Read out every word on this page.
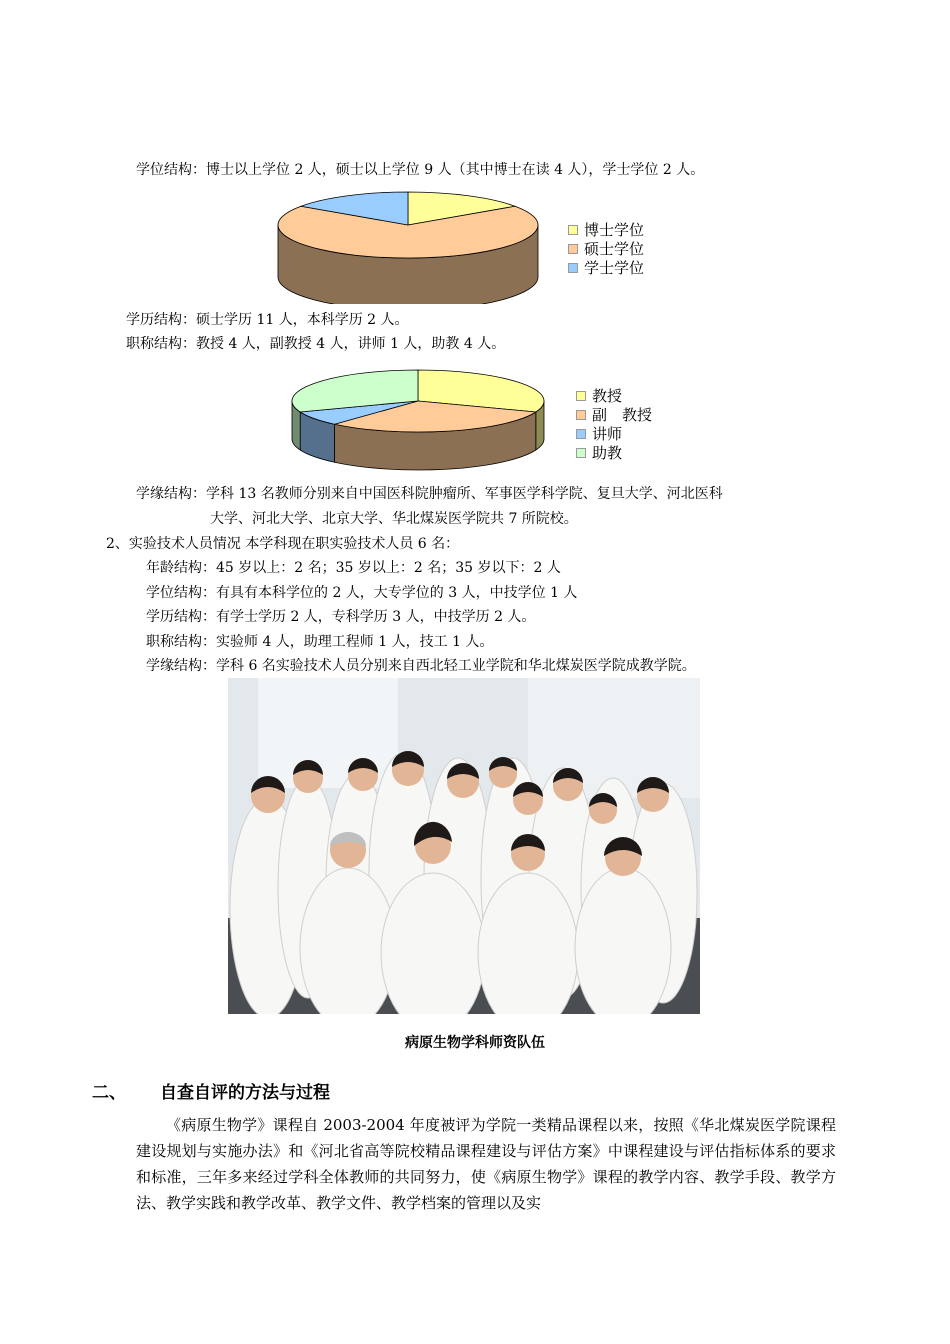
学位结构：博士以上学位 2 人，硕士以上学位 9 人（其中博士在读 4 人），学士学位 2 人。
博士学位
硕士学位
学士学位
学历结构：硕士学历 11 人，本科学历 2 人。
职称结构：教授 4 人，副教授 4 人，讲师 1 人，助教 4 人。
教授
副　教授
讲师
助教
学缘结构：学科 13 名教师分别来自中国医科院肿瘤所、军事医学科学院、复旦大学、河北医科
大学、河北大学、北京大学、华北煤炭医学院共 7 所院校。
2、实验技术人员情况 本学科现在职实验技术人员 6 名：
年龄结构：45 岁以上：2 名；35 岁以上：2 名；35 岁以下：2 人
学位结构：有具有本科学位的 2 人，大专学位的 3 人，中技学位 1 人
学历结构：有学士学历 2 人，专科学历 3 人，中技学历 2 人。
职称结构：实验师 4 人，助理工程师 1 人，技工 1 人。
学缘结构：学科 6 名实验技术人员分别来自西北轻工业学院和华北煤炭医学院成教学院。
病原生物学科师资队伍
二、 自查自评的方法与过程
《病原生物学》课程自 2003-2004 年度被评为学院一类精品课程以来，按照《华北煤炭医学院课程建设规划与实施办法》和《河北省高等院校精品课程建设与评估方案》中课程建设与评估指标体系的要求和标准，三年多来经过学科全体教师的共同努力，使《病原生物学》课程的教学内容、教学手段、教学方法、教学实践和教学改革、教学文件、教学档案的管理以及实
